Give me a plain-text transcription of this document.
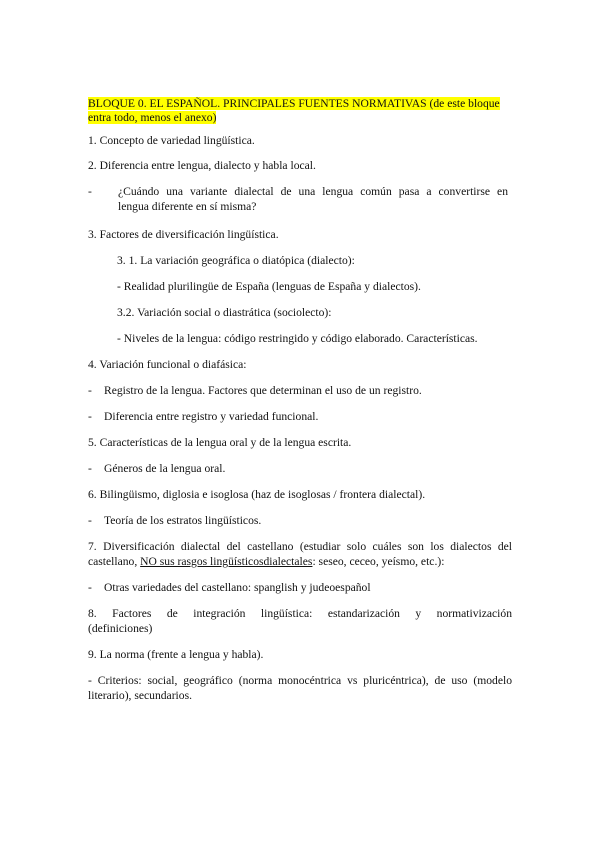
BLOQUE 0. EL ESPAÑOL. PRINCIPALES FUENTES NORMATIVAS (de este bloque
entra todo, menos el anexo)
1. Concepto de variedad lingüística.
2. Diferencia entre lengua, dialecto y habla local.
- ¿Cuándo una variante dialectal de una lengua común pasa a convertirse en
lengua diferente en sí misma?
3. Factores de diversificación lingüística.
3. 1. La variación geográfica o diatópica (dialecto):
- Realidad plurilingüe de España (lenguas de España y dialectos).
3.2. Variación social o diastrática (sociolecto):
- Niveles de la lengua: código restringido y código elaborado. Características.
4. Variación funcional o diafásica:
- Registro de la lengua. Factores que determinan el uso de un registro.
- Diferencia entre registro y variedad funcional.
5. Características de la lengua oral y de la lengua escrita.
- Géneros de la lengua oral.
6. Bilingüismo, diglosia e isoglosa (haz de isoglosas / frontera dialectal).
- Teoría de los estratos lingüísticos.
7. Diversificación dialectal del castellano (estudiar solo cuáles son los dialectos del
castellano, NO sus rasgos lingüísticosdialectales: seseo, ceceo, yeísmo, etc.):
- Otras variedades del castellano: spanglish y judeoespañol
8. Factores de integración lingüística: estandarización y normativización
(definiciones)
9. La norma (frente a lengua y habla).
- Criterios: social, geográfico (norma monocéntrica vs pluricéntrica), de uso (modelo
literario), secundarios.
